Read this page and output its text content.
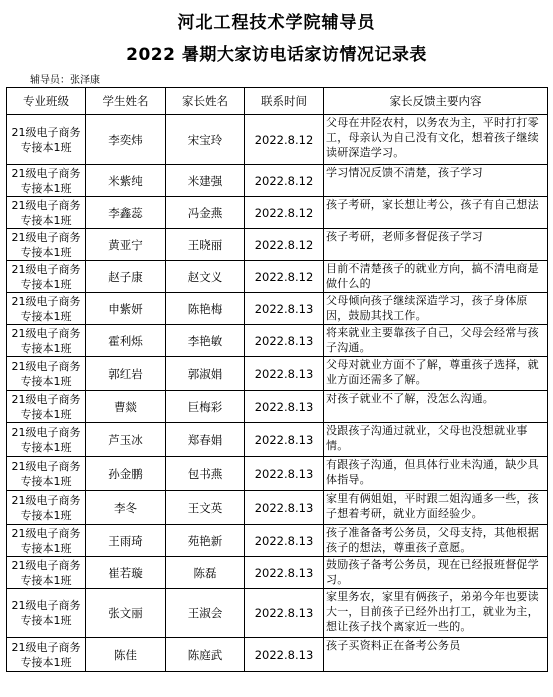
河北工程技术学院辅导员
2022 暑期大家访电话家访情况记录表
辅导员：张泽康
专业班级	学生姓名	家长姓名	联系时间	家长反馈主要内容
21级电子商务专接本1班	李奕炜	宋宝玲	2022.8.12	父母在井陉农村，以务农为主，平时打打零工，母亲认为自己没有文化，想着孩子继续读研深造学习。
21级电子商务专接本1班	米紫纯	米建强	2022.8.12	学习情况反馈不清楚，孩子学习
21级电子商务专接本1班	李鑫蕊	冯金燕	2022.8.12	孩子考研，家长想让考公，孩子有自己想法
21级电子商务专接本1班	黄亚宁	王晓丽	2022.8.12	孩子考研，老师多督促孩子学习
21级电子商务专接本1班	赵子康	赵文义	2022.8.12	目前不清楚孩子的就业方向，搞不清电商是做什么的
21级电子商务专接本1班	申紫妍	陈艳梅	2022.8.13	父母倾向孩子继续深造学习，孩子身体原因，鼓励其找工作。
21级电子商务专接本1班	霍利烁	李艳敏	2022.8.13	将来就业主要靠孩子自己，父母会经常与孩子沟通。
21级电子商务专接本1班	郭红岩	郭淑娟	2022.8.13	父母对就业方面不了解，尊重孩子选择，就业方面还需多了解。
21级电子商务专接本1班	曹燚	巨梅彩	2022.8.13	对孩子就业不了解，没怎么沟通。
21级电子商务专接本1班	芦玉冰	郑春娟	2022.8.13	没跟孩子沟通过就业，父母也没想就业事情。
21级电子商务专接本1班	孙金鹏	包书燕	2022.8.13	有跟孩子沟通，但具体行业未沟通，缺少具体指导。
21级电子商务专接本1班	李冬	王文英	2022.8.13	家里有俩姐姐，平时跟二姐沟通多一些，孩子想着考研，就业方面经验少。
21级电子商务专接本1班	王雨琦	苑艳新	2022.8.13	孩子准备备考公务员，父母支持，其他根据孩子的想法，尊重孩子意愿。
21级电子商务专接本1班	崔若璇	陈磊	2022.8.13	鼓励孩子备考公务员，现在已经报班督促学习。
21级电子商务专接本1班	张文丽	王淑会	2022.8.13	家里务农，家里有俩孩子，弟弟今年也要读大一，目前孩子已经外出打工，就业为主，想让孩子找个离家近一些的。
21级电子商务专接本1班	陈佳	陈庭武	2022.8.13	孩子买资料正在备考公务员
